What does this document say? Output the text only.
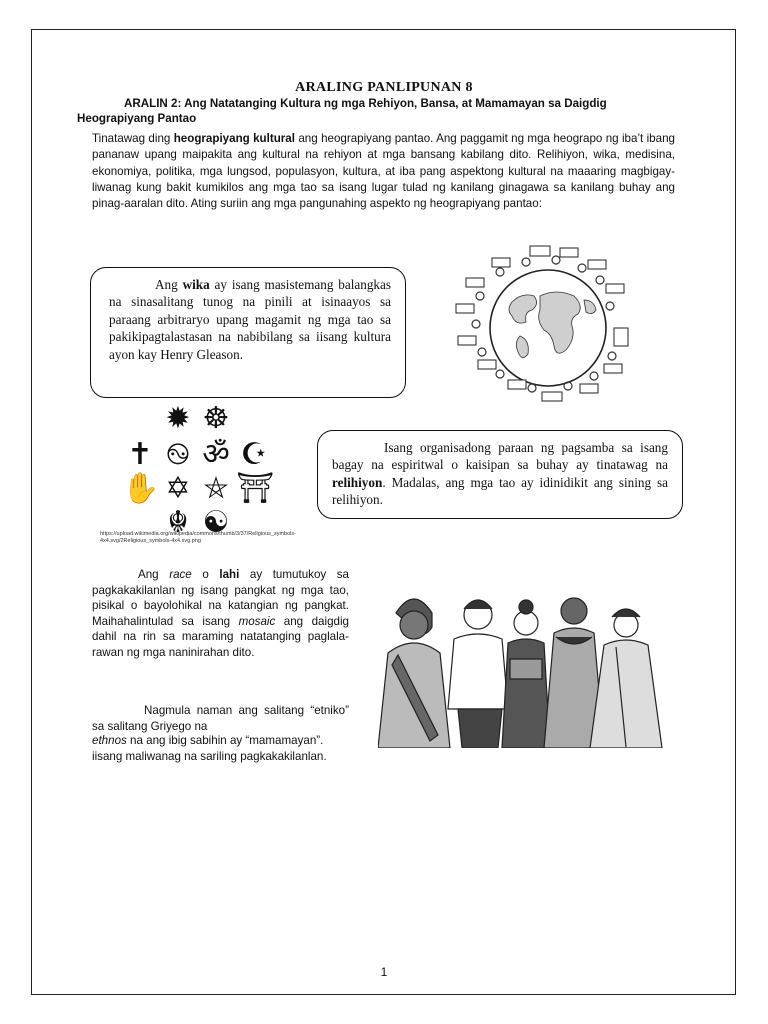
ARALING PANLIPUNAN 8
ARALIN 2: Ang Natatanging Kultura ng mga Rehiyon, Bansa, at Mamamayan sa Daigdig
Heograpiyang Pantao
Tinatawag ding heograpiyang kultural ang heograpiyang pantao. Ang paggamit ng mga heograpo ng iba’t ibang pananaw upang maipakita ang kultural na rehiyon at mga bansang kabilang dito. Relihiyon, wika, medisina, ekonomiya, politika, mga lungsod, populasyon, kultura, at iba pang aspektong kultural na maaaring magbigay-liwanag kung bakit kumikilos ang mga tao sa isang lugar tulad ng kanilang ginagawa sa kanilang buhay ang pinag-aaralan dito. Ating suriin ang mga pangunahing aspekto ng heograpiyang pantao:

Ang wika ay isang masistemang balangkas na sinasalitang tunog na pinili at isinaayos sa paraang arbitraryo upang magamit ng mga tao sa pakikipagtalastasan na nabibilang sa iisang kultura ayon kay Henry Gleason.

✹ ☸
✝ ࿊ ॐ ☪
✋ ✡ ⛤ ⛩
☬ ☯
https://upload.wikimedia.org/wikipedia/commons/thumb/3/37/Religious_symbols-4x4.svg/2Religious_symbols-4x4.svg.png

Isang organisadong paraan ng pagsamba sa isang bagay na espiritwal o kaisipan sa buhay ay tinatawag na relihiyon. Madalas, ang mga tao ay idinidikit ang sining sa relihiyon.

Ang race o lahi ay tumutukoy sa pagkakakilanlan ng isang pangkat ng mga tao, pisikal o bayolohikal na katangian ng pangkat. Maihahalintulad sa isang mosaic ang daigdig dahil na rin sa maraming natatanging paglala-rawan ng mga naninirahan dito.

Nagmula naman ang salitang “etniko” sa salitang Griyego na

ethnos na ang ibig sabihin ay “mamamayan”.
iisang maliwanag na sariling pagkakakilanlan.
1
